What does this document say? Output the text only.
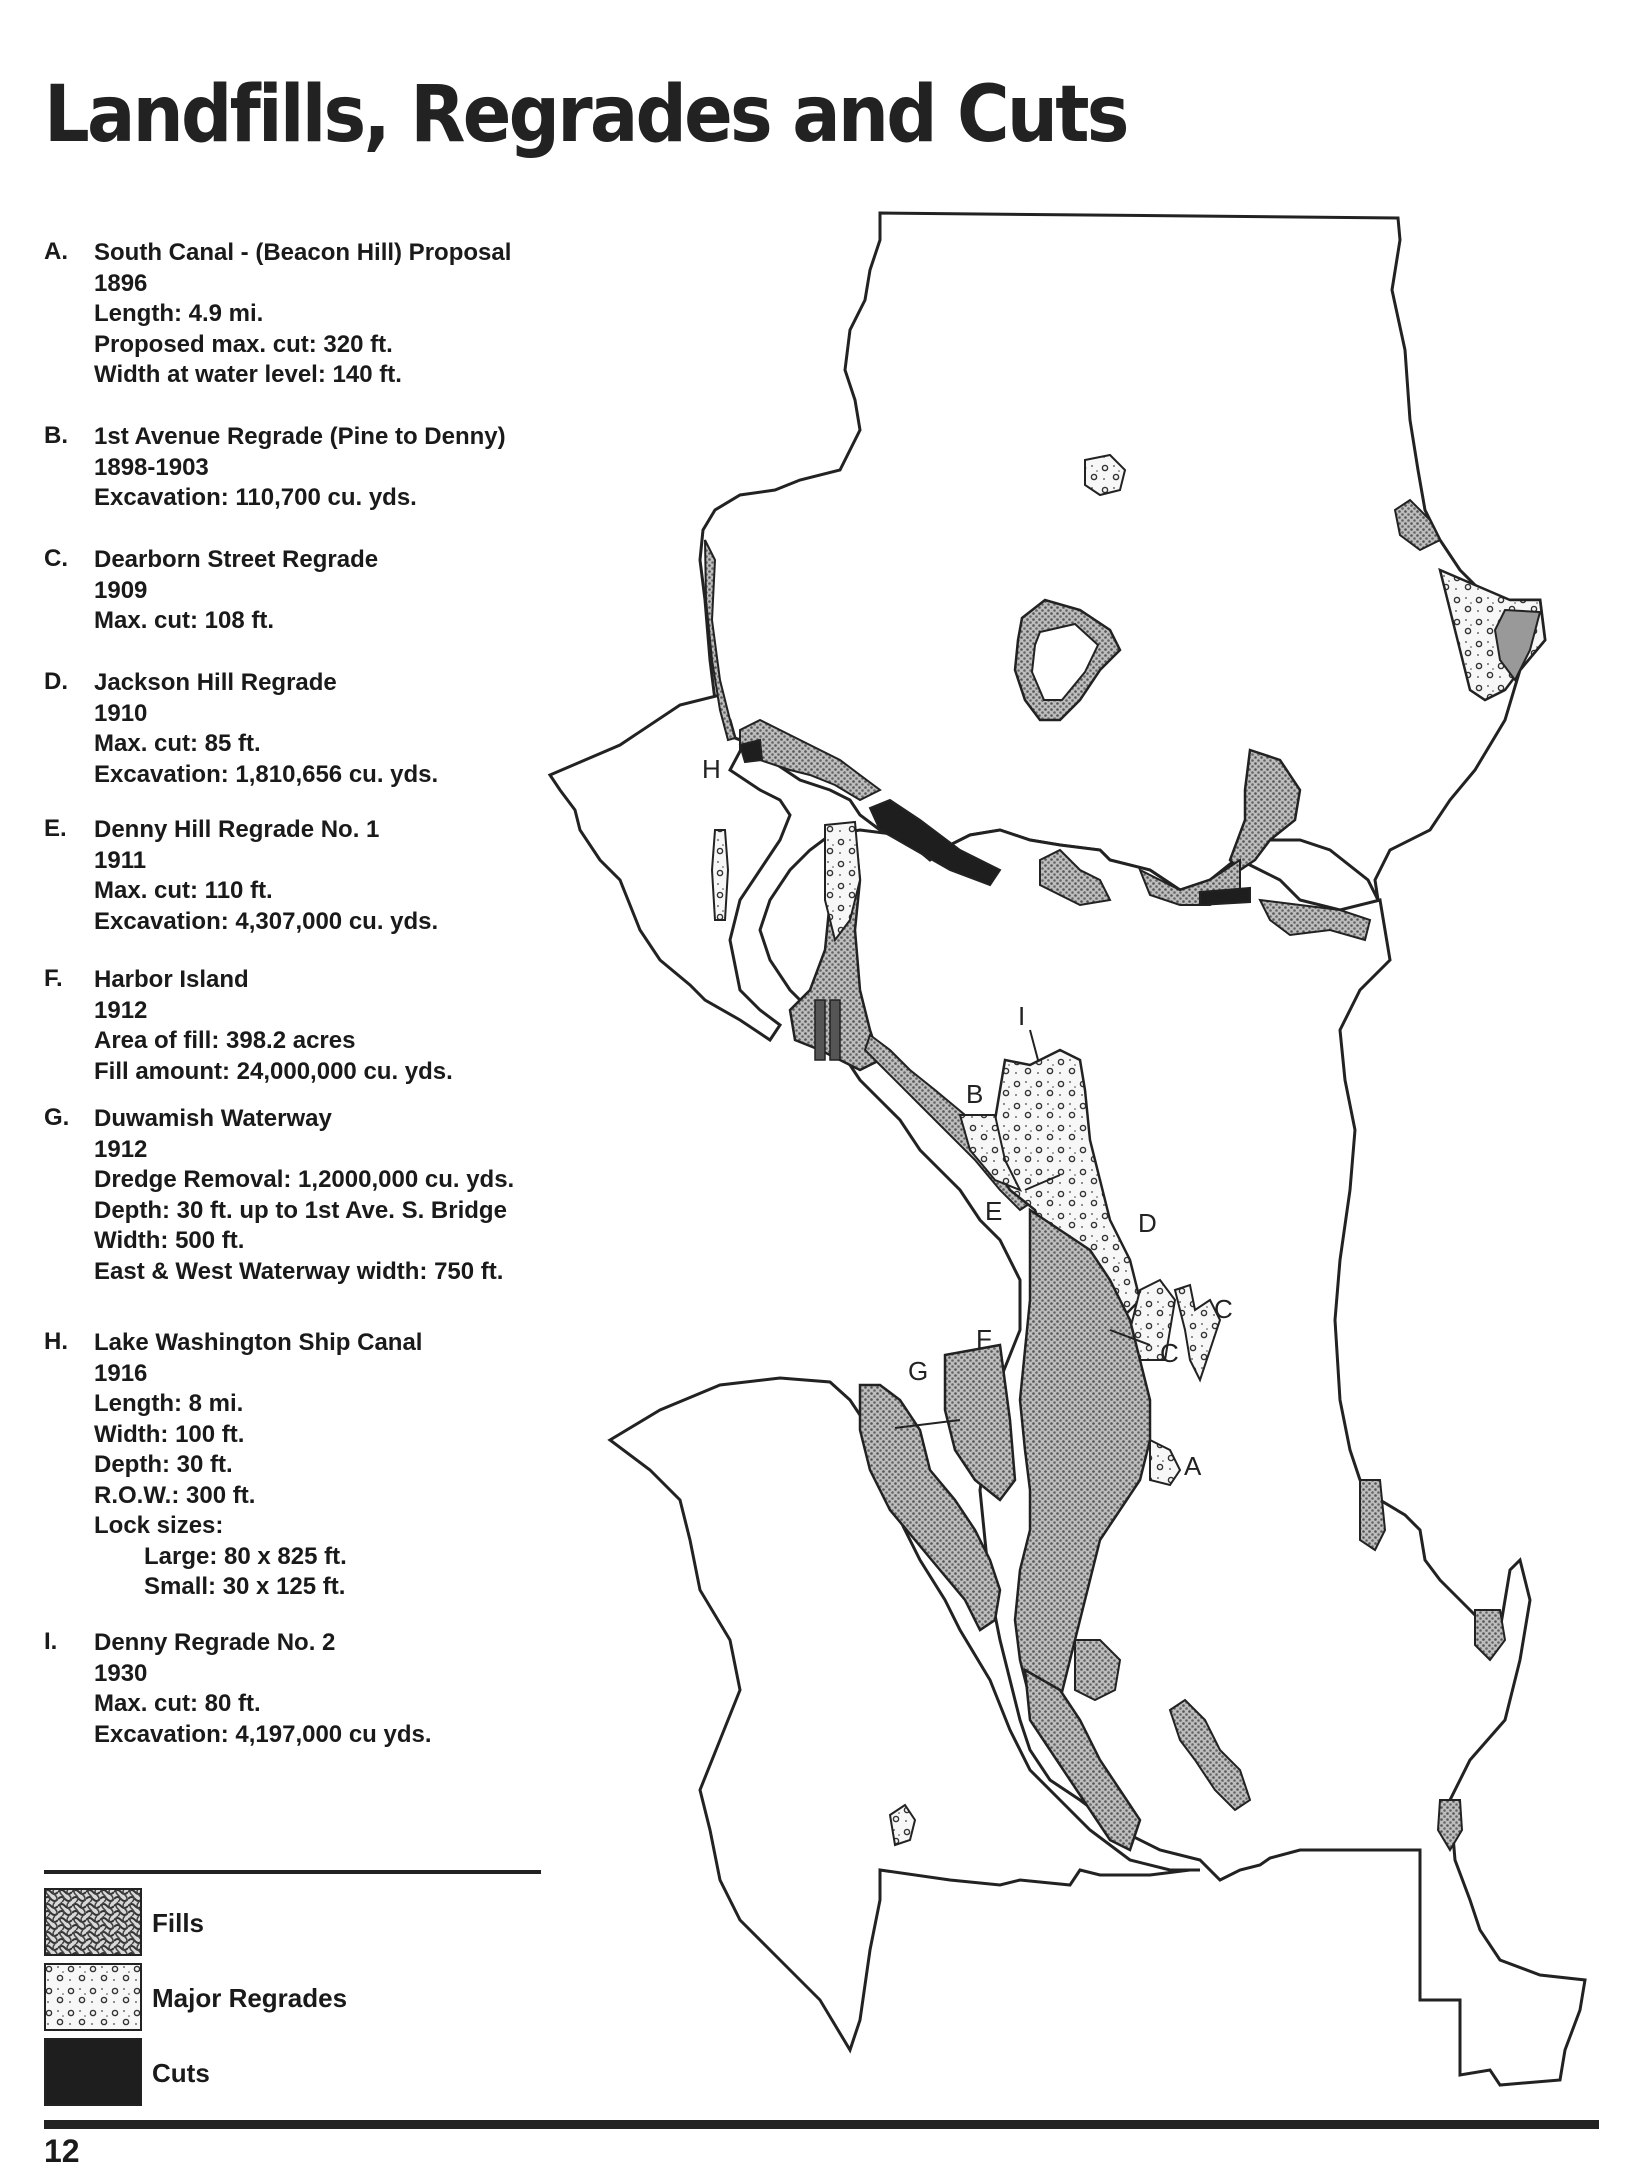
Landfills, Regrades and Cuts
A. South Canal - (Beacon Hill) Proposal
1896
Length: 4.9 mi.
Proposed max. cut: 320 ft.
Width at water level: 140 ft.
B. 1st Avenue Regrade (Pine to Denny)
1898-1903
Excavation: 110,700 cu. yds.
C. Dearborn Street Regrade
1909
Max. cut: 108 ft.
D. Jackson Hill Regrade
1910
Max. cut: 85 ft.
Excavation: 1,810,656 cu. yds.
E. Denny Hill Regrade No. 1
1911
Max. cut: 110 ft.
Excavation: 4,307,000 cu. yds.
F. Harbor Island
1912
Area of fill: 398.2 acres
Fill amount: 24,000,000 cu. yds.
G. Duwamish Waterway
1912
Dredge Removal: 1,2000,000 cu. yds.
Depth: 30 ft. up to 1st Ave. S. Bridge
Width: 500 ft.
East & West Waterway width: 750 ft.
H. Lake Washington Ship Canal
1916
Length: 8 mi.
Width: 100 ft.
Depth: 30 ft.
R.O.W.: 300 ft.
Lock sizes:
Large: 80 x 825 ft.
Small: 30 x 125 ft.
I. Denny Regrade No. 2
1930
Max. cut: 80 ft.
Excavation: 4,197,000 cu yds.
H
I
B
E	D
C
C
F
G
A
Fills
Major Regrades
Cuts
12
